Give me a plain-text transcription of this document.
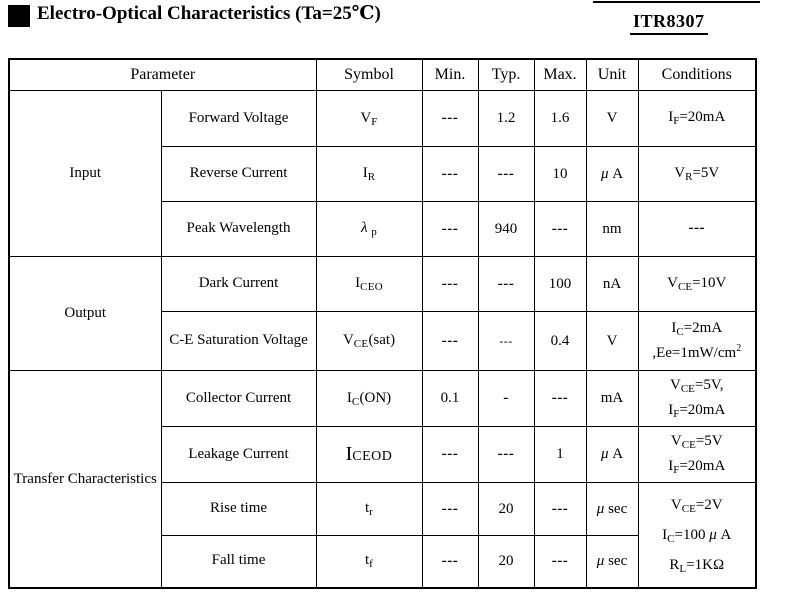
Electro-Optical Characteristics (Ta=25℃)	ITR8307
Parameter		Symbol	Min.	Typ.	Max.	Unit	Conditions
Input	Forward Voltage	$V_F$	---	1.2	1.6	V	$I_F=20mA$
	Reverse Current	$I_R$	---	---	10	μ A	$V_R=5V$
	Peak Wavelength	λ $_p$	---	940	---	nm	---
Output	Dark Current	$I_{CEO}$	---	---	100	nA	$V_{CE}=10V$
	C-E Saturation Voltage	$V_{CE}(sat)$	---	---	0.4	V	$I_C=2mA$
$,Ee=1mW/cm^2$
Transfer Characteristics	Collector Current	$I_C(ON)$	0.1	-	---	mA	$V_{CE}=5V$,
$I_F=20mA$
	Leakage Current	ICEOD	---	---	1	μ A	$V_{CE}=5V$
$I_F=20mA$
	Rise time	$t_r$	---	20	---	μ sec	$V_{CE}=2V$
$I_C=100$ μ A
$R_L=1K\Omega$
	Fall time	$t_f$	---	20	---	μ sec	
